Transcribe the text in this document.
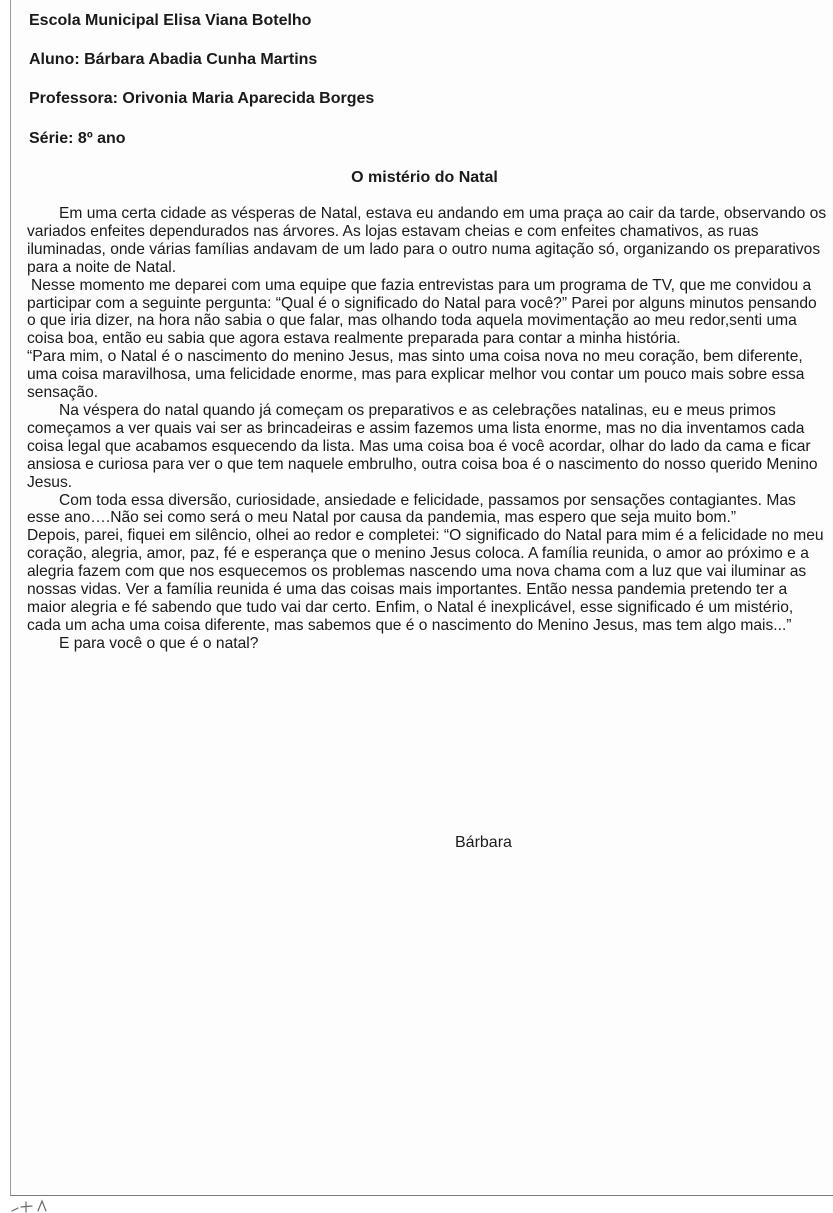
Escola Municipal Elisa Viana Botelho

Aluno: Bárbara Abadia Cunha Martins

Professora: Orivonia Maria Aparecida Borges

Série: 8º ano

O mistério do Natal

Em uma certa cidade as vésperas de Natal, estava eu andando em uma praça ao cair da tarde, observando os variados enfeites dependurados nas árvores. As lojas estavam cheias e com enfeites chamativos, as ruas iluminadas, onde várias famílias andavam de um lado para o outro numa agitação só, organizando os preparativos para a noite de Natal.

Nesse momento me deparei com uma equipe que fazia entrevistas para um programa de TV, que me convidou a participar com a seguinte pergunta: “Qual é o significado do Natal para você?” Parei por alguns minutos pensando o que iria dizer, na hora não sabia o que falar, mas olhando toda aquela movimentação ao meu redor,senti uma coisa boa, então eu sabia que agora estava realmente preparada para contar a minha história.

“Para mim, o Natal é o nascimento do menino Jesus, mas sinto uma coisa nova no meu coração, bem diferente, uma coisa maravilhosa, uma felicidade enorme, mas para explicar melhor vou contar um pouco mais sobre essa sensação.

Na véspera do natal quando já começam os preparativos e as celebrações natalinas, eu e meus primos começamos a ver quais vai ser as brincadeiras e assim fazemos uma lista enorme, mas no dia inventamos cada coisa legal que acabamos esquecendo da lista. Mas uma coisa boa é você acordar, olhar do lado da cama e ficar ansiosa e curiosa para ver o que tem naquele embrulho, outra coisa boa é o nascimento do nosso querido Menino Jesus.

Com toda essa diversão, curiosidade, ansiedade e felicidade, passamos por sensações contagiantes. Mas esse ano….Não sei como será o meu Natal por causa da pandemia, mas espero que seja muito bom.”

Depois, parei, fiquei em silêncio, olhei ao redor e completei: “O significado do Natal para mim é a felicidade no meu coração, alegria, amor, paz, fé e esperança que o menino Jesus coloca. A família reunida, o amor ao próximo e a alegria fazem com que nos esquecemos os problemas nascendo uma nova chama com a luz que vai iluminar as nossas vidas. Ver a família reunida é uma das coisas mais importantes. Então nessa pandemia pretendo ter a maior alegria e fé sabendo que tudo vai dar certo. Enfim, o Natal é inexplicável, esse significado é um mistério, cada um acha uma coisa diferente, mas sabemos que é o nascimento do Menino Jesus, mas tem algo mais...”

E para você o que é o natal?

Bárbara
